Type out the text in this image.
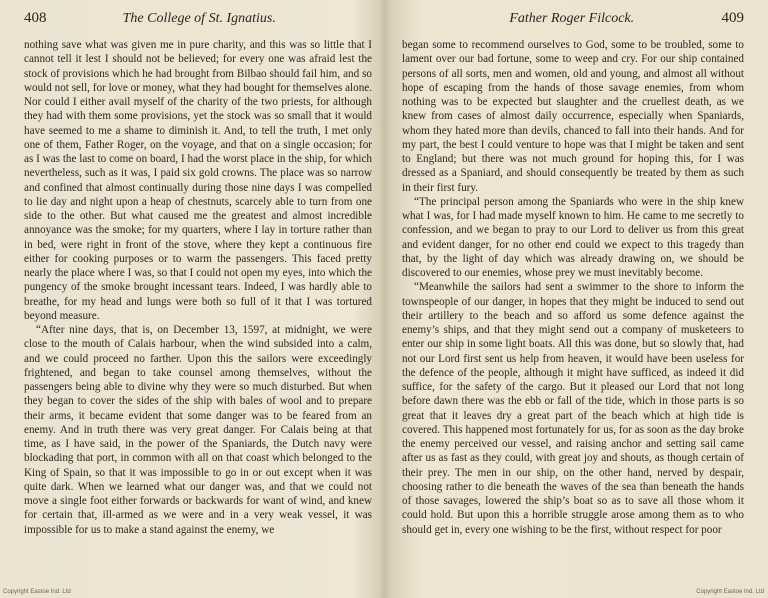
408	The College of St. Ignatius.

nothing save what was given me in pure charity, and this was so little that I cannot tell it lest I should not be believed; for every one was afraid lest the stock of provisions which he had brought from Bilbao should fail him, and so would not sell, for love or money, what they had bought for themselves alone. Nor could I either avail myself of the charity of the two priests, for although they had with them some provisions, yet the stock was so small that it would have seemed to me a shame to diminish it. And, to tell the truth, I met only one of them, Father Roger, on the voyage, and that on a single occasion; for as I was the last to come on board, I had the worst place in the ship, for which nevertheless, such as it was, I paid six gold crowns. The place was so narrow and confined that almost continually during those nine days I was compelled to lie day and night upon a heap of chestnuts, scarcely able to turn from one side to the other. But what caused me the greatest and almost incredible annoyance was the smoke; for my quarters, where I lay in torture rather than in bed, were right in front of the stove, where they kept a continuous fire either for cooking purposes or to warm the passengers. This faced pretty nearly the place where I was, so that I could not open my eyes, into which the pungency of the smoke brought incessant tears. Indeed, I was hardly able to breathe, for my head and lungs were both so full of it that I was tortured beyond measure.

“After nine days, that is, on December 13, 1597, at midnight, we were close to the mouth of Calais harbour, when the wind subsided into a calm, and we could proceed no farther. Upon this the sailors were exceedingly frightened, and began to take counsel among themselves, without the passengers being able to divine why they were so much disturbed. But when they began to cover the sides of the ship with bales of wool and to prepare their arms, it became evident that some danger was to be feared from an enemy. And in truth there was very great danger. For Calais being at that time, as I have said, in the power of the Spaniards, the Dutch navy were blockading that port, in common with all on that coast which belonged to the King of Spain, so that it was impossible to go in or out except when it was quite dark. When we learned what our danger was, and that we could not move a single foot either forwards or backwards for want of wind, and knew for certain that, ill-armed as we were and in a very weak vessel, it was impossible for us to make a stand against the enemy, we

Copyright Eastoe Ind. Ltd
Father Roger Filcock.	409

began some to recommend ourselves to God, some to be troubled, some to lament over our bad fortune, some to weep and cry. For our ship contained persons of all sorts, men and women, old and young, and almost all without hope of escaping from the hands of those savage enemies, from whom nothing was to be expected but slaughter and the cruellest death, as we knew from cases of almost daily occurrence, especially when Spaniards, whom they hated more than devils, chanced to fall into their hands. And for my part, the best I could venture to hope was that I might be taken and sent to England; but there was not much ground for hoping this, for I was dressed as a Spaniard, and should consequently be treated by them as such in their first fury.

“The principal person among the Spaniards who were in the ship knew what I was, for I had made myself known to him. He came to me secretly to confession, and we began to pray to our Lord to deliver us from this great and evident danger, for no other end could we expect to this tragedy than that, by the light of day which was already drawing on, we should be discovered to our enemies, whose prey we must inevitably become.

“Meanwhile the sailors had sent a swimmer to the shore to inform the townspeople of our danger, in hopes that they might be induced to send out their artillery to the beach and so afford us some defence against the enemy’s ships, and that they might send out a company of musketeers to enter our ship in some light boats. All this was done, but so slowly that, had not our Lord first sent us help from heaven, it would have been useless for the defence of the people, although it might have sufficed, as indeed it did suffice, for the safety of the cargo. But it pleased our Lord that not long before dawn there was the ebb or fall of the tide, which in those parts is so great that it leaves dry a great part of the beach which at high tide is covered. This happened most fortunately for us, for as soon as the day broke the enemy perceived our vessel, and raising anchor and setting sail came after us as fast as they could, with great joy and shouts, as though certain of their prey. The men in our ship, on the other hand, nerved by despair, choosing rather to die beneath the waves of the sea than beneath the hands of those savages, lowered the ship’s boat so as to save all those whom it could hold. But upon this a horrible struggle arose among them as to who should get in, every one wishing to be the first, without respect for poor

Copyright Eastoe Ind. Ltd
